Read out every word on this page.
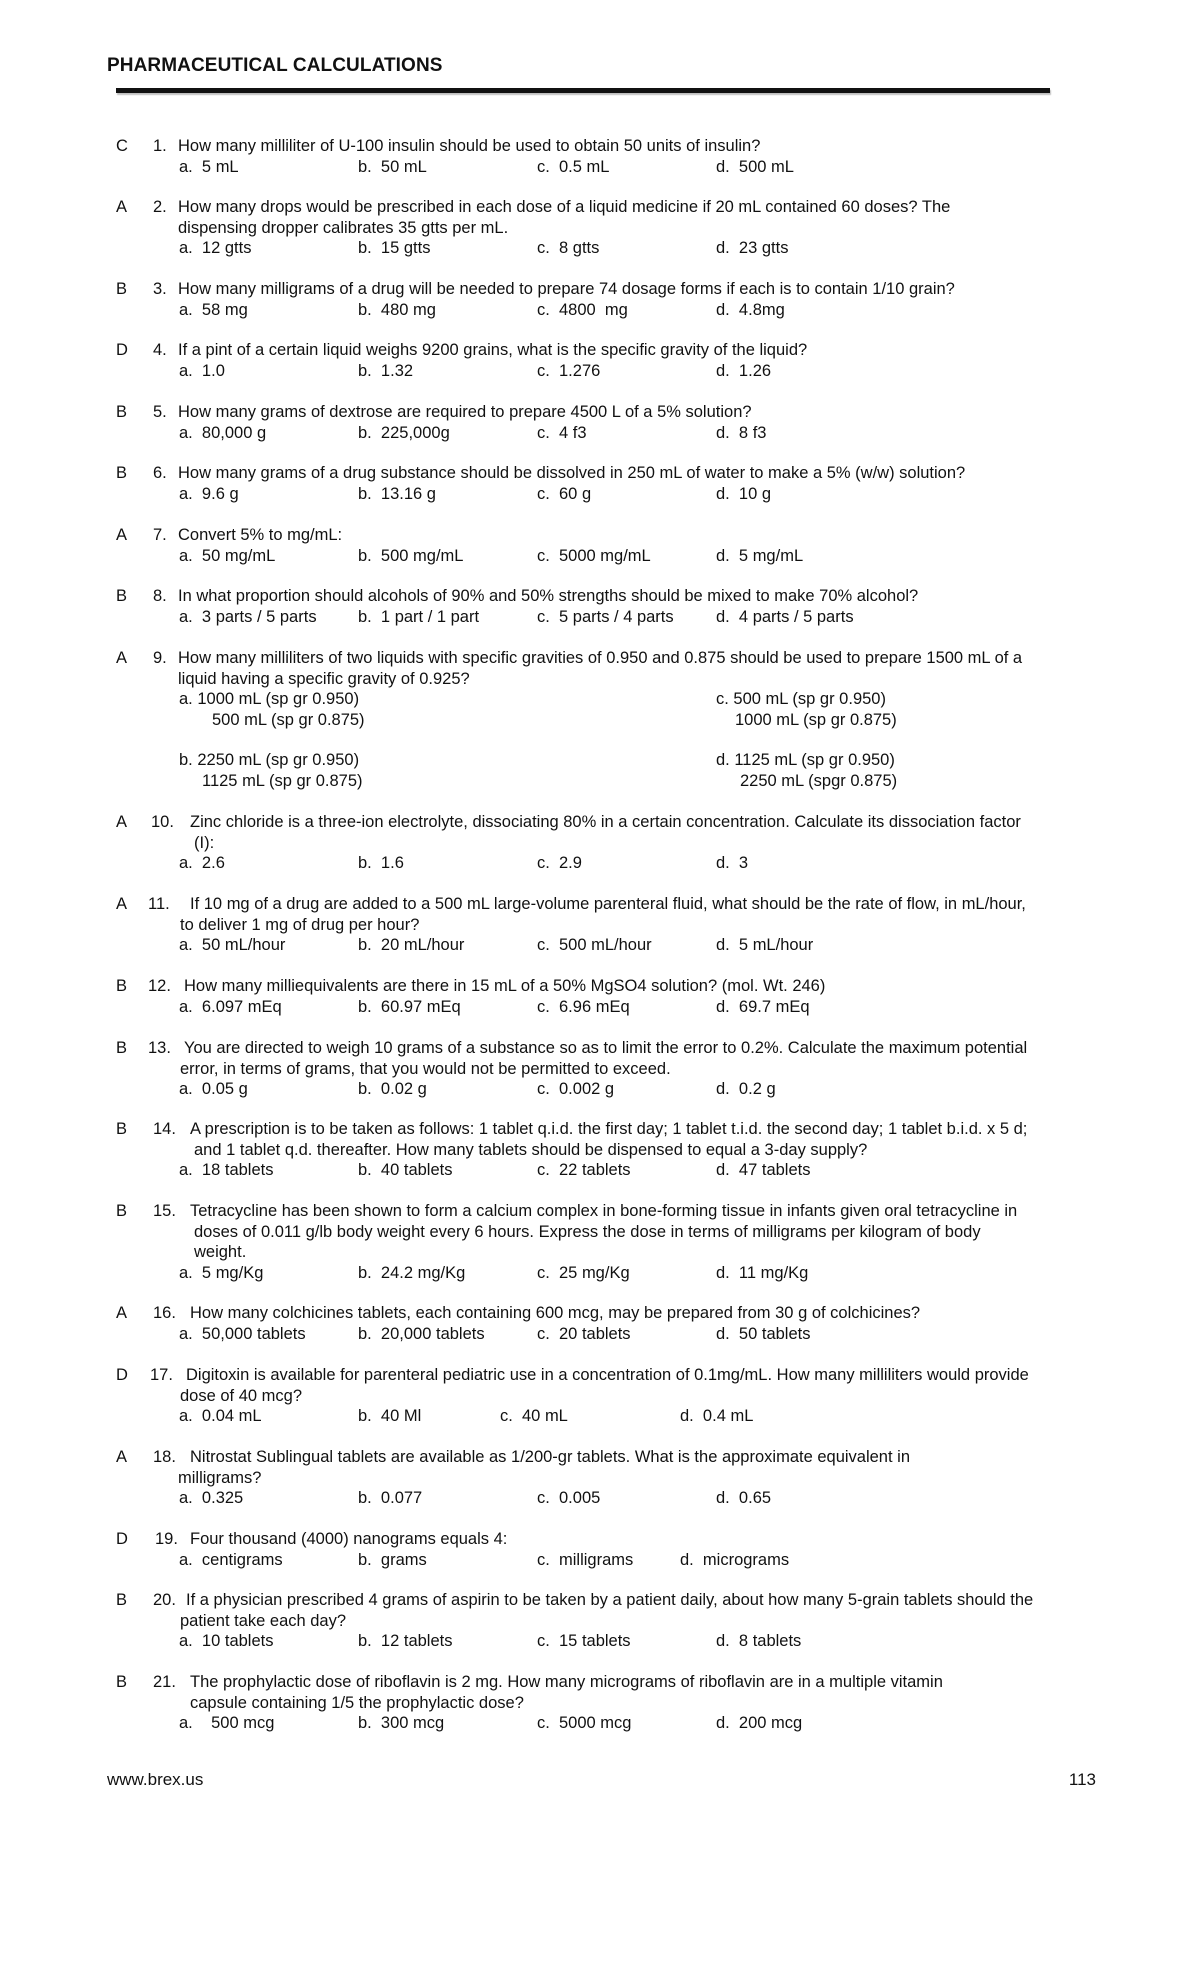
PHARMACEUTICAL CALCULATIONS
C 1. How many milliliter of U-100 insulin should be used to obtain 50 units of insulin?
a.  5 mL	b.  50 mL	c.  0.5 mL	d.  500 mL
A 2. How many drops would be prescribed in each dose of a liquid medicine if 20 mL contained 60 doses? The
dispensing dropper calibrates 35 gtts per mL.
a.  12 gtts	b.  15 gtts	c.  8 gtts	d.  23 gtts
B 3. How many milligrams of a drug will be needed to prepare 74 dosage forms if each is to contain 1/10 grain?
a.  58 mg	b.  480 mg	c.  4800  mg	d.  4.8mg
D 4. If a pint of a certain liquid weighs 9200 grains, what is the specific gravity of the liquid?
a.  1.0	b.  1.32	c.  1.276	d.  1.26
B 5. How many grams of dextrose are required to prepare 4500 L of a 5% solution?
a.  80,000 g	b.  225,000g	c.  4 f3	d.  8 f3
B 6. How many grams of a drug substance should be dissolved in 250 mL of water to make a 5% (w/w) solution?
a.  9.6 g	b.  13.16 g	c.  60 g	d.  10 g
A 7. Convert 5% to mg/mL:
a.  50 mg/mL	b.  500 mg/mL	c.  5000 mg/mL	d.  5 mg/mL
B 8. In what proportion should alcohols of 90% and 50% strengths should be mixed to make 70% alcohol?
a.  3 parts / 5 parts	b.  1 part / 1 part	c.  5 parts / 4 parts	d.  4 parts / 5 parts
A 9. How many milliliters of two liquids with specific gravities of 0.950 and 0.875 should be used to prepare 1500 mL of a
liquid having a specific gravity of 0.925?
a. 1000 mL (sp gr 0.950)
500 mL (sp gr 0.875)
c. 500 mL (sp gr 0.950)
1000 mL (sp gr 0.875)
b. 2250 mL (sp gr 0.950)
1125 mL (sp gr 0.875)
d. 1125 mL (sp gr 0.950)
2250 mL (spgr 0.875)
A 10. Zinc chloride is a three-ion electrolyte, dissociating 80% in a certain concentration. Calculate its dissociation factor
(I):
a.  2.6	b.  1.6	c.  2.9	d.  3
A 11. If 10 mg of a drug are added to a 500 mL large-volume parenteral fluid, what should be the rate of flow, in mL/hour,
to deliver 1 mg of drug per hour?
a.  50 mL/hour	b.  20 mL/hour	c.  500 mL/hour	d.  5 mL/hour
B 12. How many milliequivalents are there in 15 mL of a 50% MgSO4 solution? (mol. Wt. 246)
a.  6.097 mEq	b.  60.97 mEq	c.  6.96 mEq	d.  69.7 mEq
B 13. You are directed to weigh 10 grams of a substance so as to limit the error to 0.2%. Calculate the maximum potential
error, in terms of grams, that you would not be permitted to exceed.
a.  0.05 g	b.  0.02 g	c.  0.002 g	d.  0.2 g
B 14. A prescription is to be taken as follows: 1 tablet q.i.d. the first day; 1 tablet t.i.d. the second day; 1 tablet b.i.d. x 5 d;
and 1 tablet q.d. thereafter. How many tablets should be dispensed to equal a 3-day supply?
a.  18 tablets	b.  40 tablets	c.  22 tablets	d.  47 tablets
B 15. Tetracycline has been shown to form a calcium complex in bone-forming tissue in infants given oral tetracycline in
doses of 0.011 g/lb body weight every 6 hours. Express the dose in terms of milligrams per kilogram of body
weight.
a.  5 mg/Kg	b.  24.2 mg/Kg	c.  25 mg/Kg	d.  11 mg/Kg
A 16. How many colchicines tablets, each containing 600 mcg, may be prepared from 30 g of colchicines?
a.  50,000 tablets	b.  20,000 tablets	c.  20 tablets	d.  50 tablets
D 17. Digitoxin is available for parenteral pediatric use in a concentration of 0.1mg/mL. How many milliliters would provide
dose of 40 mcg?
a.  0.04 mL	b.  40 Ml	c.  40 mL	d.  0.4 mL
A 18. Nitrostat Sublingual tablets are available as 1/200-gr tablets. What is the approximate equivalent in
milligrams?
a.  0.325	b.  0.077	c.  0.005	d.  0.65
D 19. Four thousand (4000) nanograms equals 4:
a.  centigrams	b.  grams	c.  milligrams	d.  micrograms
B 20. If a physician prescribed 4 grams of aspirin to be taken by a patient daily, about how many 5-grain tablets should the
patient take each day?
a.  10 tablets	b.  12 tablets	c.  15 tablets	d.  8 tablets
B 21. The prophylactic dose of riboflavin is 2 mg. How many micrograms of riboflavin are in a multiple vitamin
capsule containing 1/5 the prophylactic dose?
a.    500 mcg	b.  300 mcg	c.  5000 mcg	d.  200 mcg
www.brex.us	113
